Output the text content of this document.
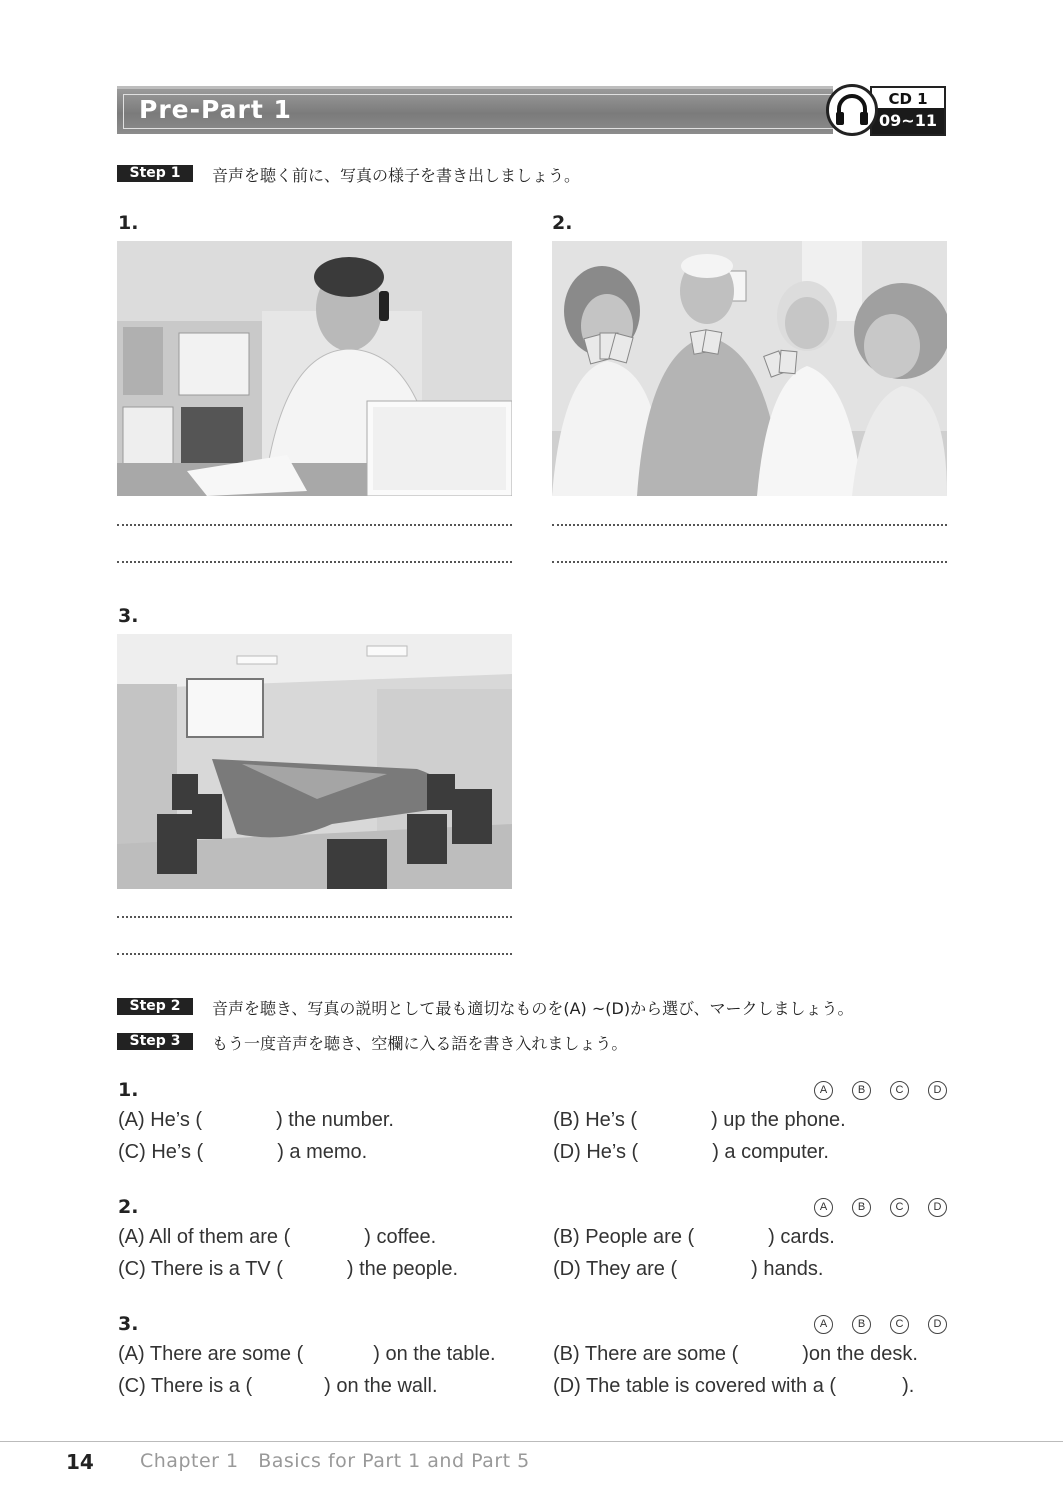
Pre-Part 1	CD 1
09~11
Step 1	音声を聴く前に、写真の様子を書き出しましょう。
1.	2.
3.
Step 2	音声を聴き、写真の説明として最も適切なものを(A) ~(D)から選び、マークしましょう。
Step 3	もう一度音声を聴き、空欄に入る語を書き入れましょう。
1.	A	B	C	D
(A) He’s (	) the number.	(B) He’s (	) up the phone.
(C) He’s (	) a memo.	(D) He’s (	) a computer.
2.	A	B	C	D
(A) All of them are (	) coffee.	(B) People are (	) cards.
(C) There is a TV (	) the people.	(D) They are (	) hands.
3.	A	B	C	D
(A) There are some (	) on the table.	(B) There are some (	)on the desk.
(C) There is a (	) on the wall.	(D) The table is covered with a (	).
14 Chapter 1   Basics for Part 1 and Part 5
